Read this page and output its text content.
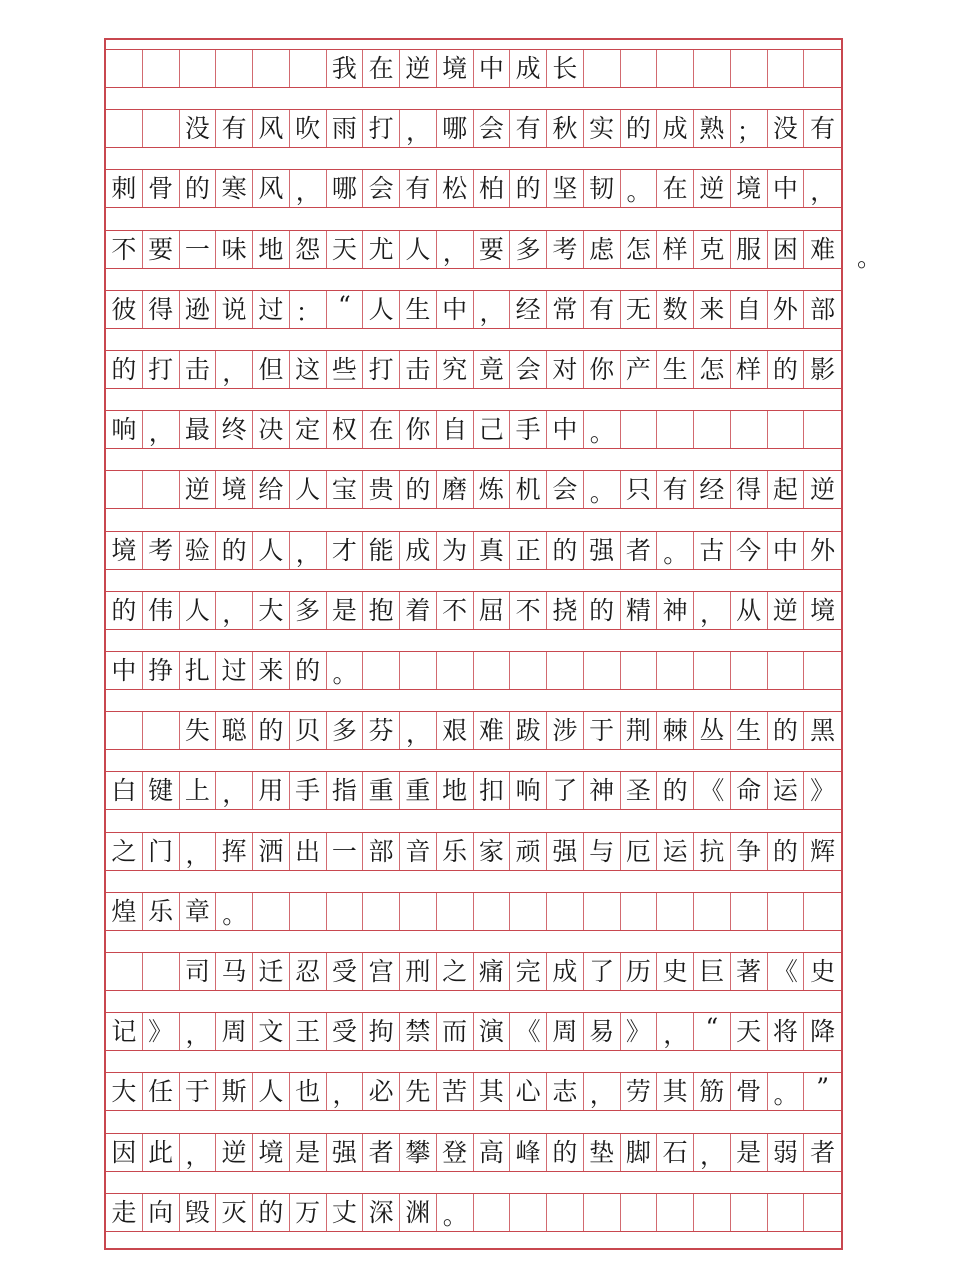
我 在 逆 境 中 成 长
没 有 风 吹 雨 打 ， 哪 会 有 秋 实 的 成 熟 ； 没 有
刺 骨 的 寒 风 ， 哪 会 有 松 柏 的 坚 韧 。 在 逆 境 中 ，
不 要 一 味 地 怨 天 尤 人 ， 要 多 考 虑 怎 样 克 服 困 难
彼 得 逊 说 过 ： “ 人 生 中 ， 经 常 有 无 数 来 自 外 部
的 打 击 ， 但 这 些 打 击 究 竟 会 对 你 产 生 怎 样 的 影
响 ， 最 终 决 定 权 在 你 自 己 手 中 。
逆 境 给 人 宝 贵 的 磨 炼 机 会 。 只 有 经 得 起 逆
境 考 验 的 人 ， 才 能 成 为 真 正 的 强 者 。 古 今 中 外
的 伟 人 ， 大 多 是 抱 着 不 屈 不 挠 的 精 神 ， 从 逆 境
中 挣 扎 过 来 的 。
失 聪 的 贝 多 芬 ， 艰 难 跋 涉 于 荆 棘 丛 生 的 黑
白 键 上 ， 用 手 指 重 重 地 扣 响 了 神 圣 的 《 命 运 》
之 门 ， 挥 洒 出 一 部 音 乐 家 顽 强 与 厄 运 抗 争 的 辉
煌 乐 章 。
司 马 迁 忍 受 宫 刑 之 痛 完 成 了 历 史 巨 著 《 史
记 》 ， 周 文 王 受 拘 禁 而 演 《 周 易 》 ， “ 天 将 降
大 任 于 斯 人 也 ， 必 先 苦 其 心 志 ， 劳 其 筋 骨 。 ”
因 此 ， 逆 境 是 强 者 攀 登 高 峰 的 垫 脚 石 ， 是 弱 者
走 向 毁 灭 的 万 丈 深 渊 。
。
